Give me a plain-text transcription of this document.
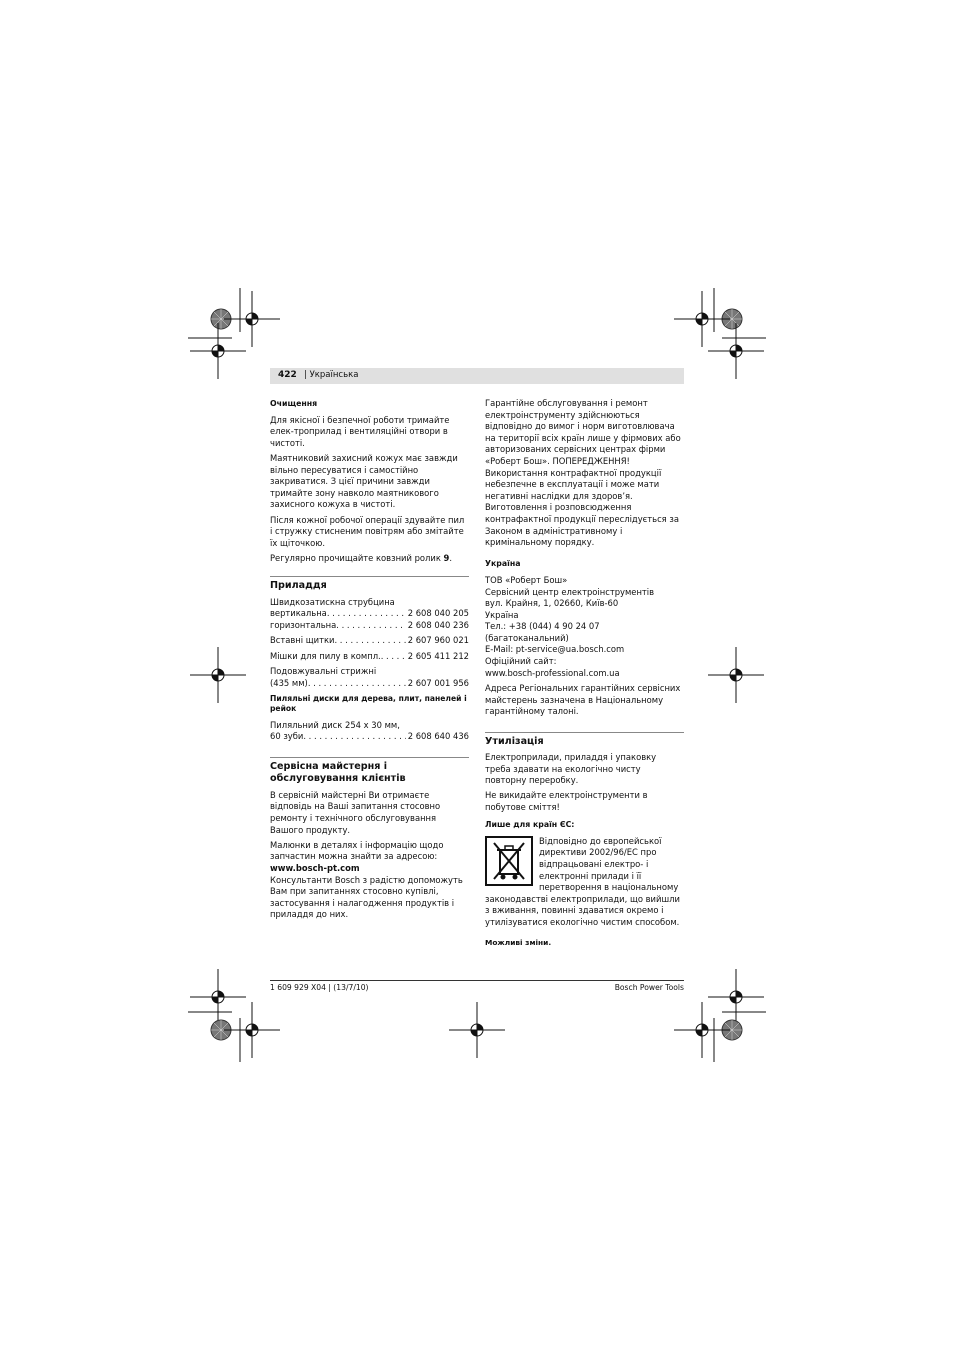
422 | Українська
Очищення

Для якісної і безпечної роботи тримайте елек-троприлад і вентиляційні отвори в чистоті.

Маятниковий захисний кожух має завжди вільно пересуватися і самостійно закриватися. З цієї причини завжди тримайте зону навколо маятникового захисного кожуха в чистоті.

Після кожної робочої операції здувайте пил і стружку стисненим повітрям або змітайте їх щіточкою.

Регулярно прочищайте ковзний ролик 9.

Приладдя
Швидкозатискна струбцина
вертикальна . . .	2 608 040 205
горизонтальна . . .	2 608 040 236
Вставні щитки . . .	2 607 960 021
Мішки для пилу в компл. . . .	2 605 411 212
Подовжувальні стрижні
(435 мм) . . .	2 607 001 956
Пиляльні диски для дерева, плит, панелей і рейок
Пиляльний диск 254 x 30 мм,
60 зуби . . .	2 608 640 436
Сервісна майстерня і обслуговування клієнтів

В сервісній майстерні Ви отримаєте відповідь на Ваші запитання стосовно ремонту і технічного обслуговування Вашого продукту.

Малюнки в деталях і інформацію щодо запчастин можна знайти за адресою:

www.bosch-pt.com

Консультанти Bosch з радістю допоможуть Вам при запитаннях стосовно купівлі, застосування і налагодження продуктів і приладдя до них.

Гарантійне обслуговування і ремонт електроінструменту здійснюються відповідно до вимог і норм виготовлювача на території всіх країн лише у фірмових або авторизованих сервісних центрах фірми «Роберт Бош». ПОПЕРЕДЖЕННЯ! Використання контрафактної продукції небезпечне в експлуатації і може мати негативні наслідки для здоров’я. Виготовлення і розповсюдження контрафактної продукції переслідується за Законом в адміністративному і кримінальному порядку.

Україна
ТОВ «Роберт Бош»
Сервісний центр електроінструментів
вул. Крайня, 1, 02660, Київ-60
Україна
Тел.: +38 (044) 4 90 24 07 (багатоканальний)
E-Mail: pt-service@ua.bosch.com
Офіційний сайт:
www.bosch-professional.com.ua

Адреса Регіональних гарантійних сервісних майстерень зазначена в Національному гарантійному талоні.

Утилізація

Електроприлади, приладдя і упаковку треба здавати на екологічно чисту повторну переробку.

Не викидайте електроінструменти в побутове сміття!

Лише для країн ЄС:
Відповідно до європейської директиви 2002/96/ЕС про відпрацьовані електро- і електронні прилади і її перетворення в національному законодавстві електроприлади, що вийшли з вживання, повинні здаватися окремо і утилізуватися екологічно чистим способом.
Можливі зміни.
1 609 929 X04 | (13/7/10)	Bosch Power Tools
